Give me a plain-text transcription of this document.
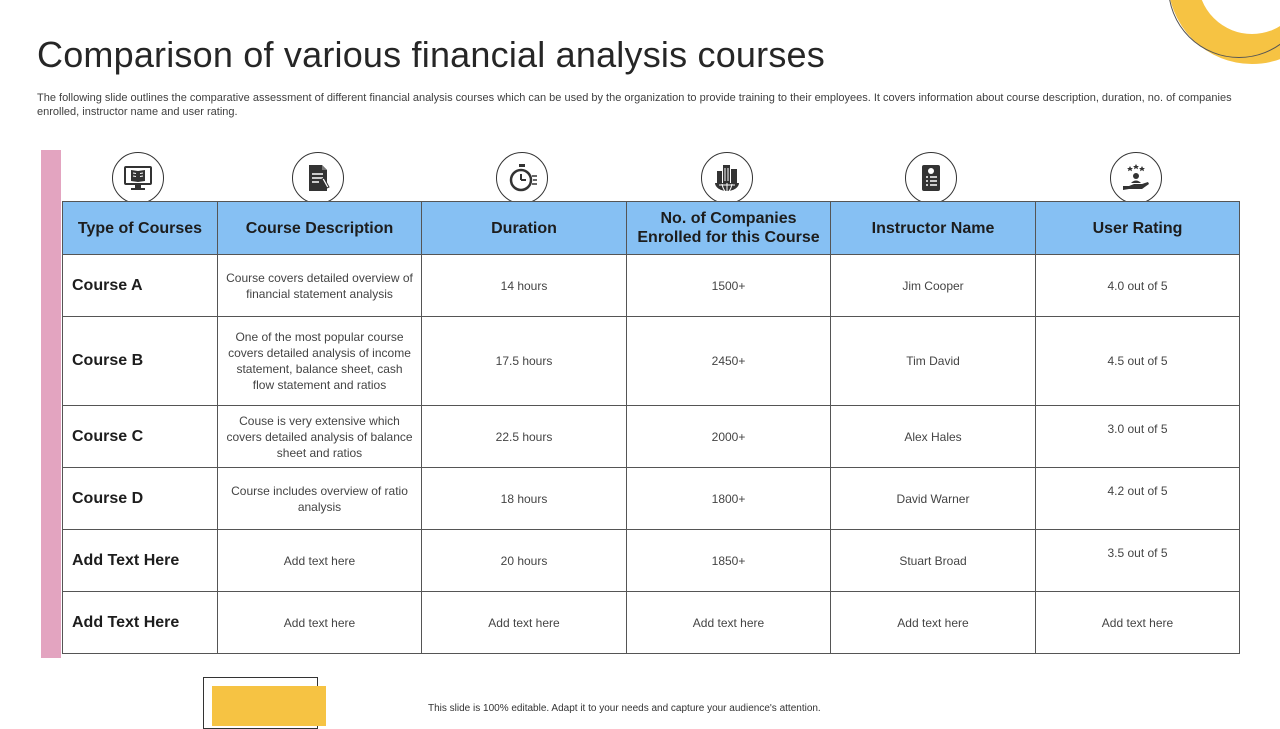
Comparison of various financial analysis courses
The following slide outlines the comparative assessment of different financial analysis courses which can be used by the organization to provide training to their employees. It covers information about course description, duration, no. of companies enrolled, instructor name and user rating.
Type of Courses	Course Description	Duration	No. of Companies Enrolled for this Course	Instructor Name	User Rating
Course A	Course covers detailed overview of financial statement analysis	14 hours	1500+	Jim Cooper	4.0 out of 5
Course B	One of the most popular course covers detailed analysis of income statement, balance sheet, cash flow statement and ratios	17.5 hours	2450+	Tim David	4.5 out of 5
Course C	Couse is very extensive which covers detailed analysis of balance sheet and ratios	22.5 hours	2000+	Alex Hales	3.0 out of 5
Course D	Course includes overview of ratio analysis	18 hours	1800+	David Warner	4.2 out of 5
Add Text Here	Add text here	20 hours	1850+	Stuart Broad	3.5 out of 5
Add Text Here	Add text here	Add text here	Add text here	Add text here	Add text here
This slide is 100% editable. Adapt it to your needs and capture your audience's attention.
